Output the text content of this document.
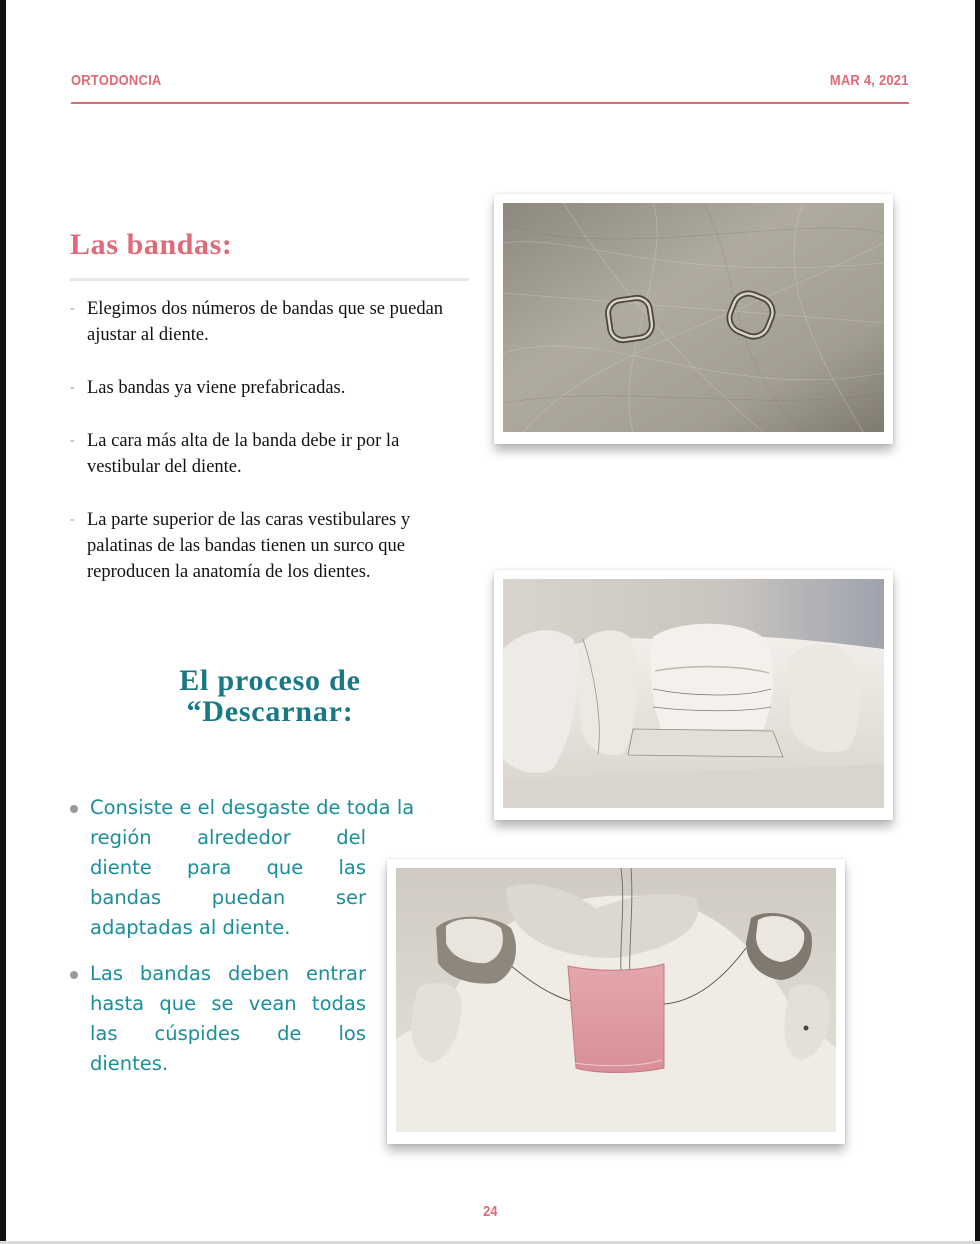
ORTODONCIA	MAR 4, 2021
Las bandas:
- Elegimos dos números de bandas que se puedan ajustar al diente.
- Las bandas ya viene prefabricadas.
- La cara más alta de la banda debe ir por la vestibular del diente.
- La parte superior de las caras vestibulares y palatinas de las bandas tienen un surco que reproducen la anatomía de los dientes.
El proceso de
“Descarnar:
Consiste e el desgaste de toda la
región alrededor del
diente para que las
bandas puedan ser
adaptadas al diente.
Las bandas deben entrar
hasta que se vean todas
las cúspides de los
dientes.
24
